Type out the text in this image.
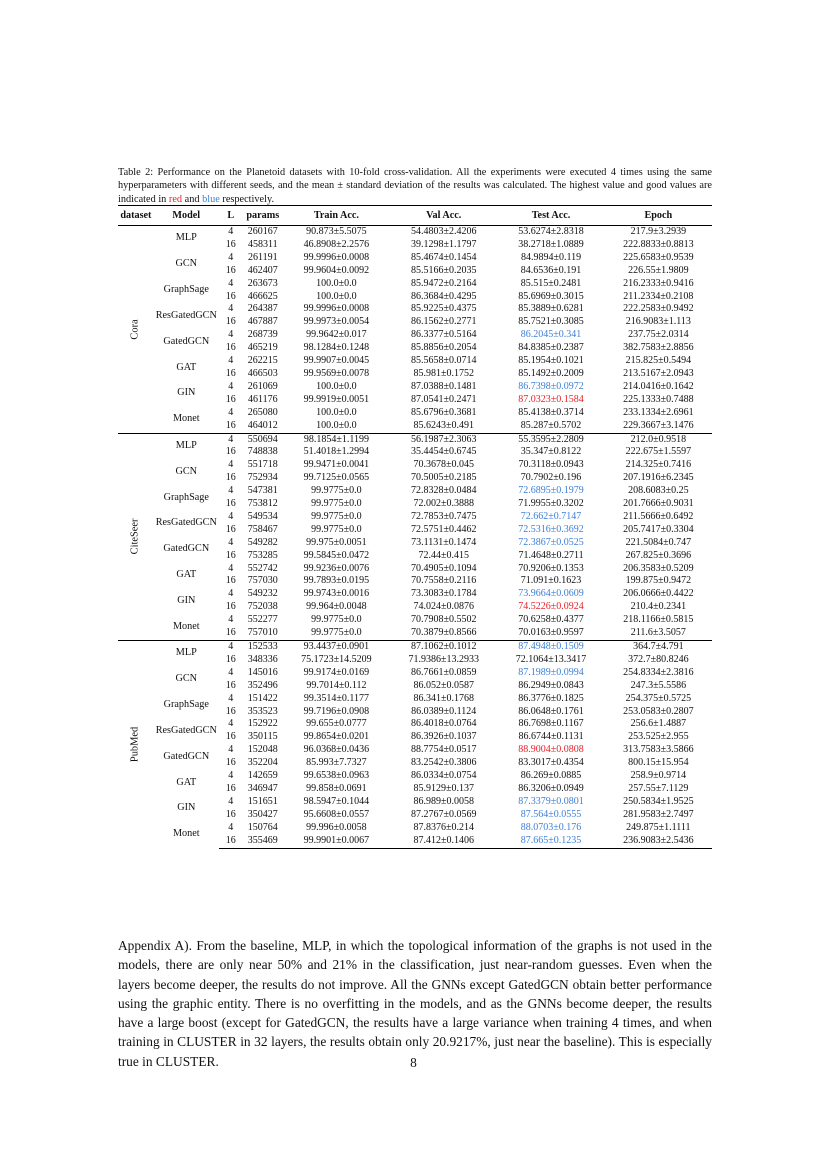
Table 2: Performance on the Planetoid datasets with 10-fold cross-validation. All the experiments were executed 4 times using the same hyperparameters with different seeds, and the mean ± standard deviation of the results was calculated. The highest value and good values are indicated in red and blue respectively.

dataset	Model	L	params	Train Acc.	Val Acc.	Test Acc.	Epoch

Cora	MLP	4	260167	90.873±5.5075	54.4803±2.4206	53.6274±2.8318	217.9±3.2939
		16	458311	46.8908±2.2576	39.1298±1.1797	38.2718±1.0889	222.8833±0.8813
	GCN	4	261191	99.9996±0.0008	85.4674±0.1454	84.9894±0.119	225.6583±0.9539
		16	462407	99.9604±0.0092	85.5166±0.2035	84.6536±0.191	226.55±1.9809
	GraphSage	4	263673	100.0±0.0	85.9472±0.2164	85.515±0.2481	216.2333±0.9416
		16	466625	100.0±0.0	86.3684±0.4295	85.6969±0.3015	211.2334±0.2108
	ResGatedGCN	4	264387	99.9996±0.0008	85.9225±0.4375	85.3889±0.6281	222.2583±0.9492
		16	467887	99.9973±0.0054	86.1562±0.2771	85.7521±0.3085	216.9083±1.113
	GatedGCN	4	268739	99.9642±0.017	86.3377±0.5164	86.2045±0.341	237.75±2.0314
		16	465219	98.1284±0.1248	85.8856±0.2054	84.8385±0.2387	382.7583±2.8856
	GAT	4	262215	99.9907±0.0045	85.5658±0.0714	85.1954±0.1021	215.825±0.5494
		16	466503	99.9569±0.0078	85.981±0.1752	85.1492±0.2009	213.5167±2.0943
	GIN	4	261069	100.0±0.0	87.0388±0.1481	86.7398±0.0972	214.0416±0.1642
		16	461176	99.9919±0.0051	87.0541±0.2471	87.0323±0.1584	225.1333±0.7488
	Monet	4	265080	100.0±0.0	85.6796±0.3681	85.4138±0.3714	233.1334±2.6961
		16	464012	100.0±0.0	85.6243±0.491	85.287±0.5702	229.3667±3.1476

CiteSeer	MLP	4	550694	98.1854±1.1199	56.1987±2.3063	55.3595±2.2809	212.0±0.9518
		16	748838	51.4018±1.2994	35.4454±0.6745	35.347±0.8122	222.675±1.5597
	GCN	4	551718	99.9471±0.0041	70.3678±0.045	70.3118±0.0943	214.325±0.7416
		16	752934	99.7125±0.0565	70.5005±0.2185	70.7902±0.196	207.1916±6.2345
	GraphSage	4	547381	99.9775±0.0	72.8328±0.0484	72.6895±0.1979	208.6083±0.25
		16	753812	99.9775±0.0	72.002±0.3888	71.9955±0.3202	201.7666±0.9031
	ResGatedGCN	4	549534	99.9775±0.0	72.7853±0.7475	72.662±0.7147	211.5666±0.6492
		16	758467	99.9775±0.0	72.5751±0.4462	72.5316±0.3692	205.7417±0.3304
	GatedGCN	4	549282	99.975±0.0051	73.1131±0.1474	72.3867±0.0525	221.5084±0.747
		16	753285	99.5845±0.0472	72.44±0.415	71.4648±0.2711	267.825±0.3696
	GAT	4	552742	99.9236±0.0076	70.4905±0.1094	70.9206±0.1353	206.3583±0.5209
		16	757030	99.7893±0.0195	70.7558±0.2116	71.091±0.1623	199.875±0.9472
	GIN	4	549232	99.9743±0.0016	73.3083±0.1784	73.9664±0.0609	206.0666±0.4422
		16	752038	99.964±0.0048	74.024±0.0876	74.5226±0.0924	210.4±0.2341
	Monet	4	552277	99.9775±0.0	70.7908±0.5502	70.6258±0.4377	218.1166±0.5815
		16	757010	99.9775±0.0	70.3879±0.8566	70.0163±0.9597	211.6±3.5057

PubMed	MLP	4	152533	93.4437±0.0901	87.1062±0.1012	87.4948±0.1509	364.7±4.791
		16	348336	75.1723±14.5209	71.9386±13.2933	72.1064±13.3417	372.7±80.8246
	GCN	4	145016	99.9174±0.0169	86.7661±0.0859	87.1989±0.0994	254.8334±2.3816
		16	352496	99.7014±0.112	86.052±0.0587	86.2949±0.0843	247.3±5.5586
	GraphSage	4	151422	99.3514±0.1177	86.341±0.1768	86.3776±0.1825	254.375±0.5725
		16	353523	99.7196±0.0908	86.0389±0.1124	86.0648±0.1761	253.0583±0.2807
	ResGatedGCN	4	152922	99.655±0.0777	86.4018±0.0764	86.7698±0.1167	256.6±1.4887
		16	350115	99.8654±0.0201	86.3926±0.1037	86.6744±0.1131	253.525±2.955
	GatedGCN	4	152048	96.0368±0.0436	88.7754±0.0517	88.9004±0.0808	313.7583±3.5866
		16	352204	85.993±7.7327	83.2542±0.3806	83.3017±0.4354	800.15±15.954
	GAT	4	142659	99.6538±0.0963	86.0334±0.0754	86.269±0.0885	258.9±0.9714
		16	346947	99.858±0.0691	85.9129±0.137	86.3206±0.0949	257.55±7.1129
	GIN	4	151651	98.5947±0.1044	86.989±0.0058	87.3379±0.0801	250.5834±1.9525
		16	350427	95.6608±0.0557	87.2767±0.0569	87.564±0.0555	281.9583±2.7497
	Monet	4	150764	99.996±0.0058	87.8376±0.214	88.0703±0.176	249.875±1.1111
		16	355469	99.9901±0.0067	87.412±0.1406	87.665±0.1235	236.9083±2.5436

Appendix A). From the baseline, MLP, in which the topological information of the graphs is not used in the models, there are only near 50% and 21% in the classification, just near-random guesses. Even when the layers become deeper, the results do not improve. All the GNNs except GatedGCN obtain better performance using the graphic entity. There is no overfitting in the models, and as the GNNs become deeper, the results have a large boost (except for GatedGCN, the results have a large variance when training 4 times, and when training in CLUSTER in 32 layers, the results obtain only 20.9217%, just near the baseline). This is especially true in CLUSTER.	8
